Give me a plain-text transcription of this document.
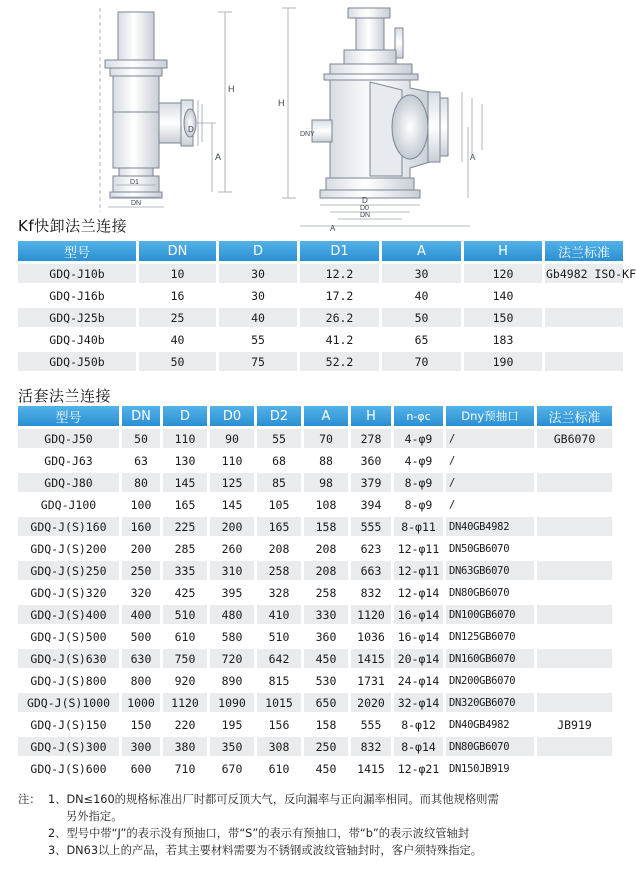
H
A
D
D1
DN
H
DNY
A
D
D0
DN
A
Kf快卸法兰连接
型号	DN	D	D1	A	H	法兰标准
GDQ-J10b	10	30	12.2	30	120	Gb4982 ISO-KF
GDQ-J16b	16	30	17.2	40	140	
GDQ-J25b	25	40	26.2	50	150	
GDQ-J40b	40	55	41.2	65	183	
GDQ-J50b	50	75	52.2	70	190	
活套法兰连接
型号	DN	D	D0	D2	A	H	n-φc	Dny预抽口	法兰标准
GDQ-J50	50	110	90	55	70	278	4-φ9	/	GB6070
GDQ-J63	63	130	110	68	88	360	4-φ9	/	
GDQ-J80	80	145	125	85	98	379	8-φ9	/	
GDQ-J100	100	165	145	105	108	394	8-φ9	/	
GDQ-J(S)160	160	225	200	165	158	555	8-φ11	DN40GB4982	
GDQ-J(S)200	200	285	260	208	208	623	12-φ11	DN50GB6070	
GDQ-J(S)250	250	335	310	258	208	663	12-φ11	DN63GB6070	
GDQ-J(S)320	320	425	395	328	258	832	12-φ14	DN80GB6070	
GDQ-J(S)400	400	510	480	410	330	1120	16-φ14	DN100GB6070	
GDQ-J(S)500	500	610	580	510	360	1036	16-φ14	DN125GB6070	
GDQ-J(S)630	630	750	720	642	450	1415	20-φ14	DN160GB6070	
GDQ-J(S)800	800	920	890	815	530	1731	24-φ14	DN200GB6070	
GDQ-J(S)1000	1000	1120	1090	1015	650	2020	32-φ14	DN320GB6070	
GDQ-J(S)150	150	220	195	156	158	555	8-φ12	DN40GB4982	JB919
GDQ-J(S)300	300	380	350	308	250	832	8-φ14	DN80GB6070	
GDQ-J(S)600	600	710	670	610	450	1415	12-φ21	DN150JB919	
注： 1、DN≤160的规格标准出厂时都可反顶大气，反向漏率与正向漏率相同。而其他规格则需
另外指定。
2、型号中带“J”的表示没有预抽口，带“S”的表示有预抽口，带“b”的表示波纹管轴封
3、DN63以上的产品，若其主要材料需要为不锈钢或波纹管轴封时，客户须特殊指定。
